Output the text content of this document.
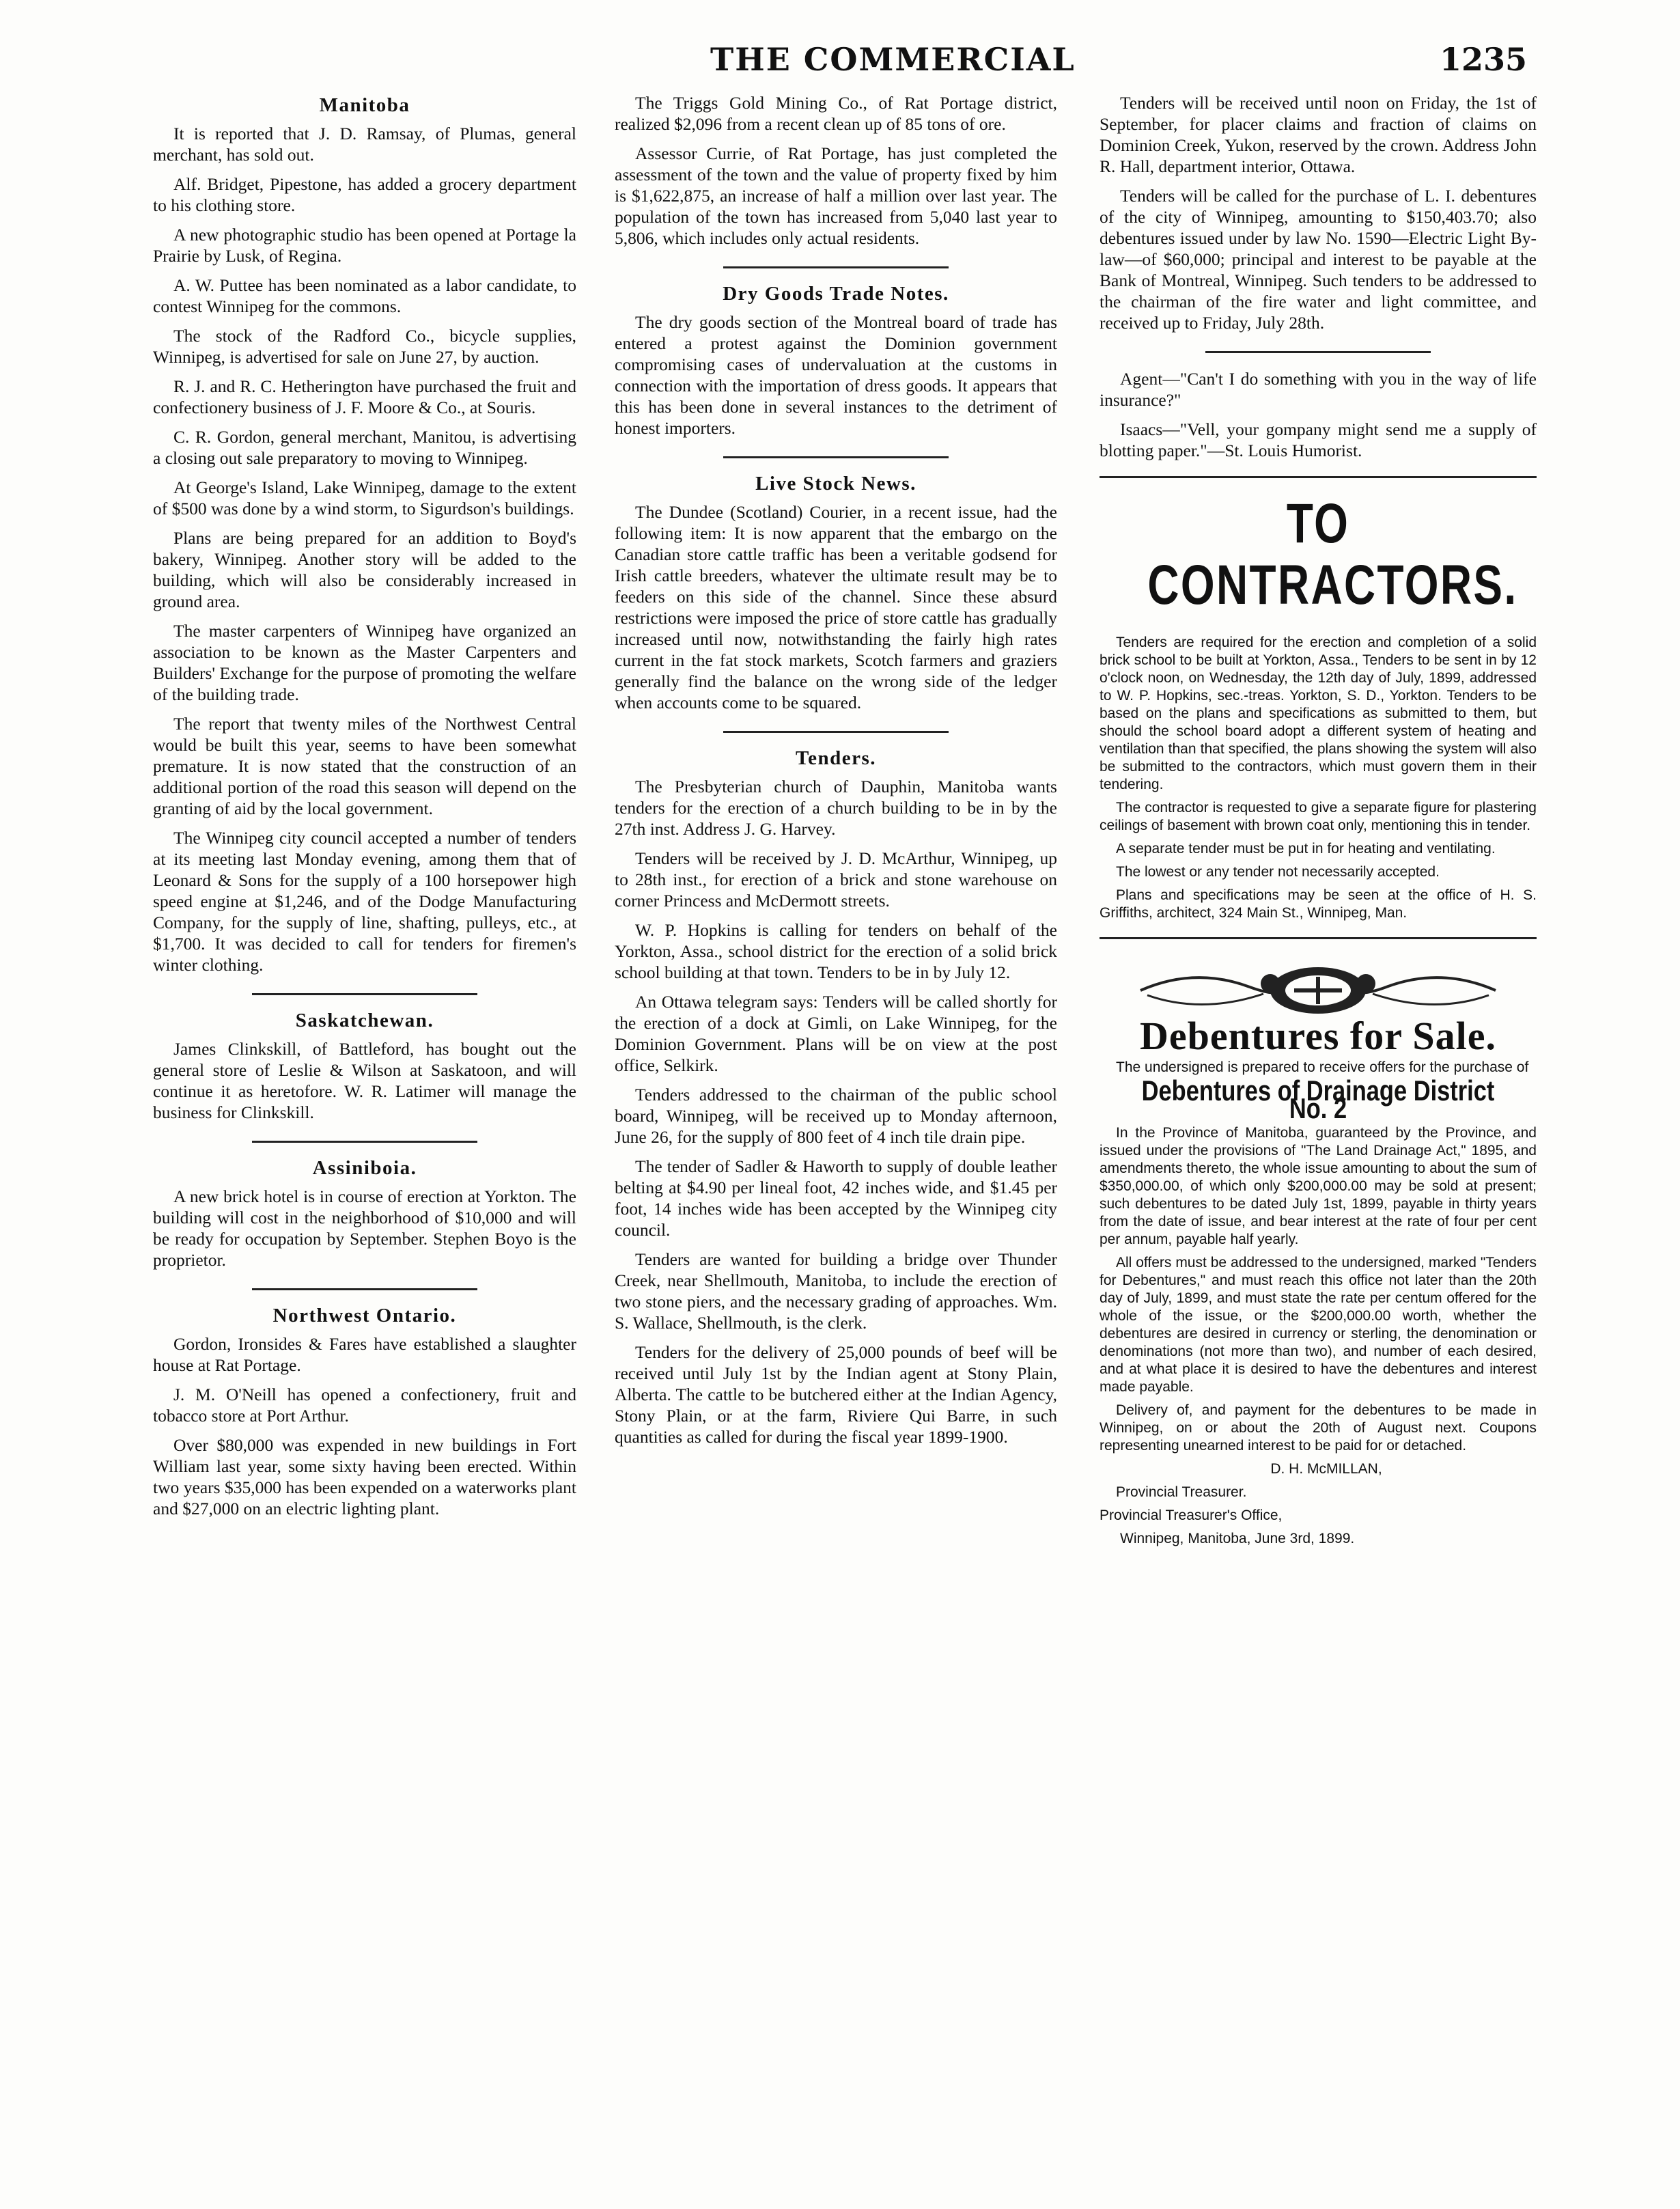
THE COMMERCIAL	1235
Manitoba

It is reported that J. D. Ramsay, of Plumas, general merchant, has sold out.

Alf. Bridget, Pipestone, has added a grocery department to his clothing store.

A new photographic studio has been opened at Portage la Prairie by Lusk, of Regina.

A. W. Puttee has been nominated as a labor candidate, to contest Winnipeg for the commons.

The stock of the Radford Co., bicycle supplies, Winnipeg, is advertised for sale on June 27, by auction.

R. J. and R. C. Hetherington have purchased the fruit and confectionery business of J. F. Moore & Co., at Souris.

C. R. Gordon, general merchant, Manitou, is advertising a closing out sale preparatory to moving to Winnipeg.

At George's Island, Lake Winnipeg, damage to the extent of $500 was done by a wind storm, to Sigurdson's buildings.

Plans are being prepared for an addition to Boyd's bakery, Winnipeg. Another story will be added to the building, which will also be considerably increased in ground area.

The master carpenters of Winnipeg have organized an association to be known as the Master Carpenters and Builders' Exchange for the purpose of promoting the welfare of the building trade.

The report that twenty miles of the Northwest Central would be built this year, seems to have been somewhat premature. It is now stated that the construction of an additional portion of the road this season will depend on the granting of aid by the local government.

The Winnipeg city council accepted a number of tenders at its meeting last Monday evening, among them that of Leonard & Sons for the supply of a 100 horsepower high speed engine at $1,246, and of the Dodge Manufacturing Company, for the supply of line, shafting, pulleys, etc., at $1,700. It was decided to call for tenders for firemen's winter clothing.

Saskatchewan.

James Clinkskill, of Battleford, has bought out the general store of Leslie & Wilson at Saskatoon, and will continue it as heretofore. W. R. Latimer will manage the business for Clinkskill.

Assiniboia.

A new brick hotel is in course of erection at Yorkton. The building will cost in the neighborhood of $10,000 and will be ready for occupation by September. Stephen Boyo is the proprietor.

Northwest Ontario.

Gordon, Ironsides & Fares have established a slaughter house at Rat Portage.

J. M. O'Neill has opened a confectionery, fruit and tobacco store at Port Arthur.

Over $80,000 was expended in new buildings in Fort William last year, some sixty having been erected. Within two years $35,000 has been expended on a waterworks plant and $27,000 on an electric lighting plant.

The Triggs Gold Mining Co., of Rat Portage district, realized $2,096 from a recent clean up of 85 tons of ore.

Assessor Currie, of Rat Portage, has just completed the assessment of the town and the value of property fixed by him is $1,622,875, an increase of half a million over last year. The population of the town has increased from 5,040 last year to 5,806, which includes only actual residents.

Dry Goods Trade Notes.

The dry goods section of the Montreal board of trade has entered a protest against the Dominion government compromising cases of undervaluation at the customs in connection with the importation of dress goods. It appears that this has been done in several instances to the detriment of honest importers.

Live Stock News.

The Dundee (Scotland) Courier, in a recent issue, had the following item: It is now apparent that the embargo on the Canadian store cattle traffic has been a veritable godsend for Irish cattle breeders, whatever the ultimate result may be to feeders on this side of the channel. Since these absurd restrictions were imposed the price of store cattle has gradually increased until now, notwithstanding the fairly high rates current in the fat stock markets, Scotch farmers and graziers generally find the balance on the wrong side of the ledger when accounts come to be squared.

Tenders.

The Presbyterian church of Dauphin, Manitoba wants tenders for the erection of a church building to be in by the 27th inst. Address J. G. Harvey.

Tenders will be received by J. D. McArthur, Winnipeg, up to 28th inst., for erection of a brick and stone warehouse on corner Princess and McDermott streets.

W. P. Hopkins is calling for tenders on behalf of the Yorkton, Assa., school district for the erection of a solid brick school building at that town. Tenders to be in by July 12.

An Ottawa telegram says: Tenders will be called shortly for the erection of a dock at Gimli, on Lake Winnipeg, for the Dominion Government. Plans will be on view at the post office, Selkirk.

Tenders addressed to the chairman of the public school board, Winnipeg, will be received up to Monday afternoon, June 26, for the supply of 800 feet of 4 inch tile drain pipe.

The tender of Sadler & Haworth to supply of double leather belting at $4.90 per lineal foot, 42 inches wide, and $1.45 per foot, 14 inches wide has been accepted by the Winnipeg city council.

Tenders are wanted for building a bridge over Thunder Creek, near Shellmouth, Manitoba, to include the erection of two stone piers, and the necessary grading of approaches. Wm. S. Wallace, Shellmouth, is the clerk.

Tenders for the delivery of 25,000 pounds of beef will be received until July 1st by the Indian agent at Stony Plain, Alberta. The cattle to be butchered either at the Indian Agency, Stony Plain, or at the farm, Riviere Qui Barre, in such quantities as called for during the fiscal year 1899-1900.

Tenders will be received until noon on Friday, the 1st of September, for placer claims and fraction of claims on Dominion Creek, Yukon, reserved by the crown. Address John R. Hall, department interior, Ottawa.

Tenders will be called for the purchase of L. I. debentures of the city of Winnipeg, amounting to $150,403.70; also debentures issued under by law No. 1590—Electric Light By-law—of $60,000; principal and interest to be payable at the Bank of Montreal, Winnipeg. Such tenders to be addressed to the chairman of the fire water and light committee, and received up to Friday, July 28th.

Agent—"Can't I do something with you in the way of life insurance?"

Isaacs—"Vell, your gompany might send me a supply of blotting paper."—St. Louis Humorist.

TO CONTRACTORS.

Tenders are required for the erection and completion of a solid brick school to be built at Yorkton, Assa., Tenders to be sent in by 12 o'clock noon, on Wednesday, the 12th day of July, 1899, addressed to W. P. Hopkins, sec.-treas. Yorkton, S. D., Yorkton. Tenders to be based on the plans and specifications as submitted to them, but should the school board adopt a different system of heating and ventilation than that specified, the plans showing the system will also be submitted to the contractors, which must govern them in their tendering.

The contractor is requested to give a separate figure for plastering ceilings of basement with brown coat only, mentioning this in tender.

A separate tender must be put in for heating and ventilating.

The lowest or any tender not necessarily accepted.

Plans and specifications may be seen at the office of H. S. Griffiths, architect, 324 Main St., Winnipeg, Man.

Debentures for Sale.

The undersigned is prepared to receive offers for the purchase of

Debentures of Drainage District No. 2

In the Province of Manitoba, guaranteed by the Province, and issued under the provisions of "The Land Drainage Act," 1895, and amendments thereto, the whole issue amounting to about the sum of $350,000.00, of which only $200,000.00 may be sold at present; such debentures to be dated July 1st, 1899, payable in thirty years from the date of issue, and bear interest at the rate of four per cent per annum, payable half yearly.

All offers must be addressed to the undersigned, marked "Tenders for Debentures," and must reach this office not later than the 20th day of July, 1899, and must state the rate per centum offered for the whole of the issue, or the $200,000.00 worth, whether the debentures are desired in currency or sterling, the denomination or denominations (not more than two), and number of each desired, and at what place it is desired to have the debentures and interest made payable.

Delivery of, and payment for the debentures to be made in Winnipeg, on or about the 20th of August next. Coupons representing unearned interest to be paid for or detached.

D. H. McMILLAN,

Provincial Treasurer.

Provincial Treasurer's Office,

Winnipeg, Manitoba, June 3rd, 1899.
